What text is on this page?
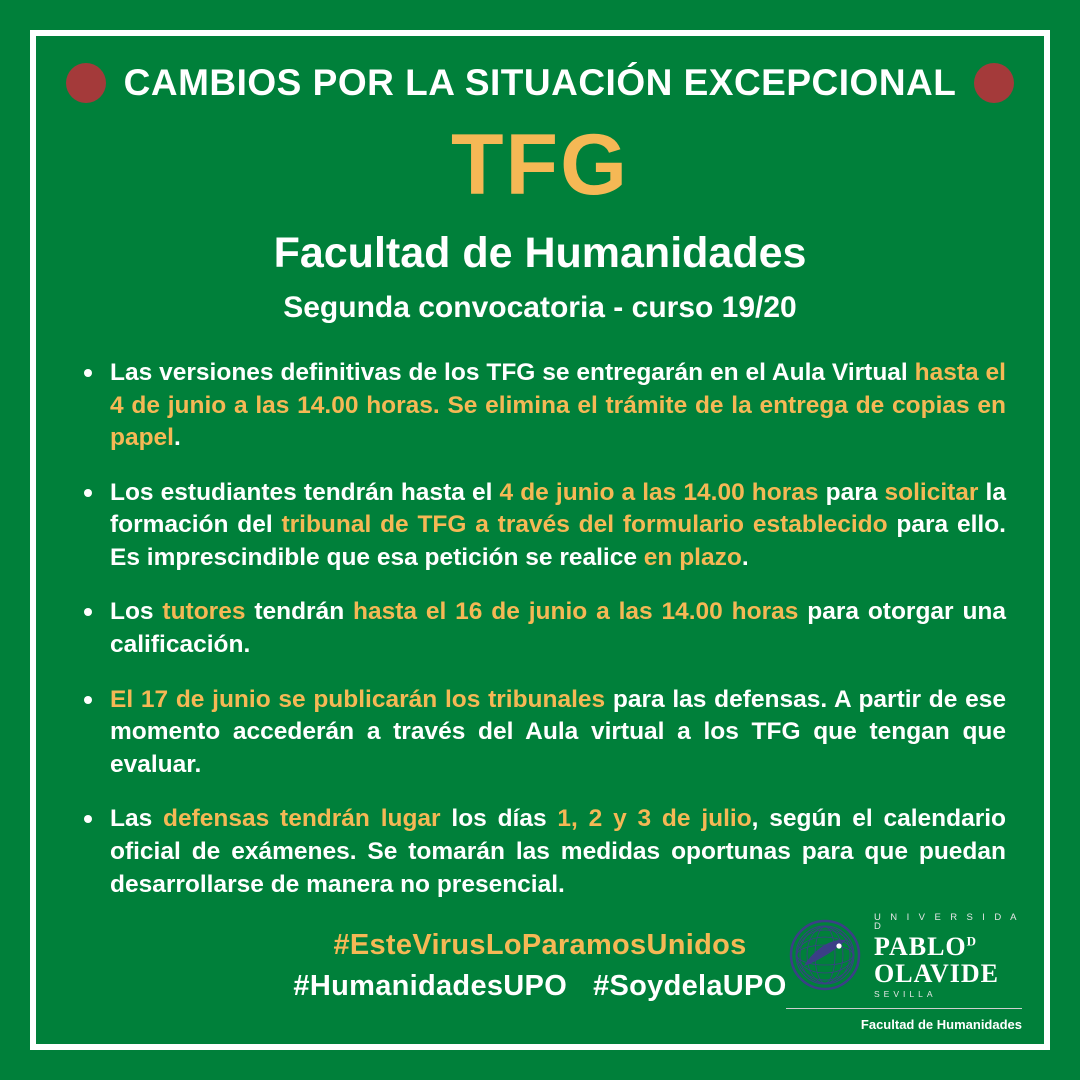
CAMBIOS POR LA SITUACIÓN EXCEPCIONAL
TFG
Facultad de Humanidades
Segunda convocatoria - curso 19/20
Las versiones definitivas de los TFG se entregarán en el Aula Virtual hasta el 4 de junio a las 14.00 horas. Se elimina el trámite de la entrega de copias en papel.
Los estudiantes tendrán hasta el 4 de junio a las 14.00 horas para solicitar la formación del tribunal de TFG a través del formulario establecido para ello. Es imprescindible que esa petición se realice en plazo.
Los tutores tendrán hasta el 16 de junio a las 14.00 horas para otorgar una calificación.
El 17 de junio se publicarán los tribunales para las defensas. A partir de ese momento accederán a través del Aula virtual a los TFG que tengan que evaluar.
Las defensas tendrán lugar los días 1, 2 y 3 de julio, según el calendario oficial de exámenes. Se tomarán las medidas oportunas para que puedan desarrollarse de manera no presencial.
#EsteVirusLoParamosUnidos
#HumanidadesUPO #SoydelaUPO
U N I V E R S I D A D
$PABLO^D$
OLAVIDE
SEVILLA
Facultad de Humanidades
